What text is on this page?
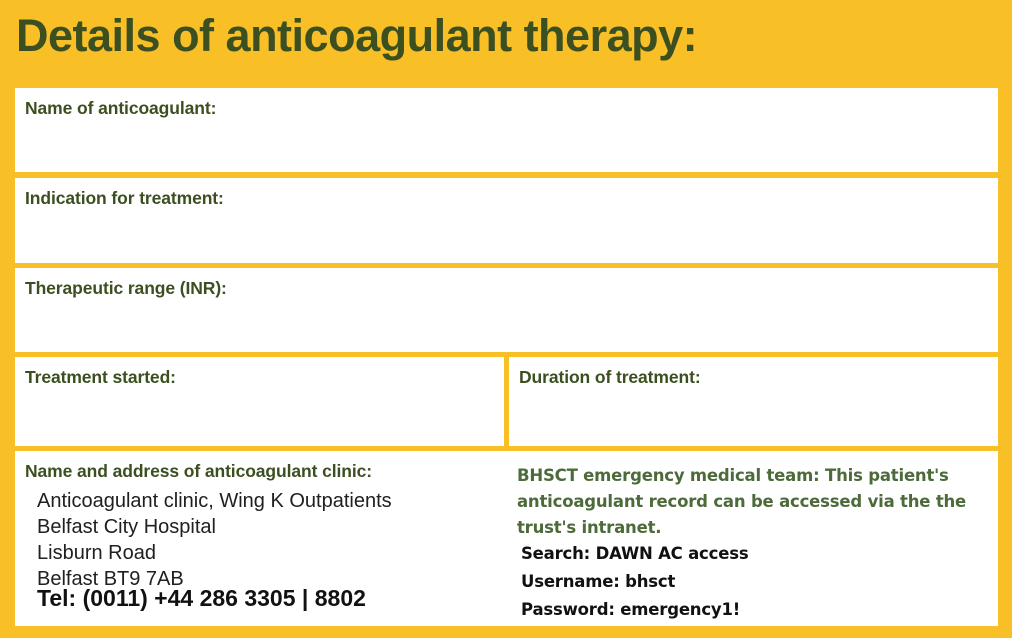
Details of anticoagulant therapy:
Name of anticoagulant:
Indication for treatment:
Therapeutic range (INR):
Treatment started:	Duration of treatment:
Name and address of anticoagulant clinic:
Anticoagulant clinic, Wing K Outpatients
Belfast City Hospital
Lisburn Road
Belfast BT9 7AB
Tel: (0011) +44 286 3305 | 8802
BHSCT emergency medical team: This patient's anticoagulant record can be accessed via the the trust's intranet.
Search: DAWN AC access
Username: bhsct
Password: emergency1!
